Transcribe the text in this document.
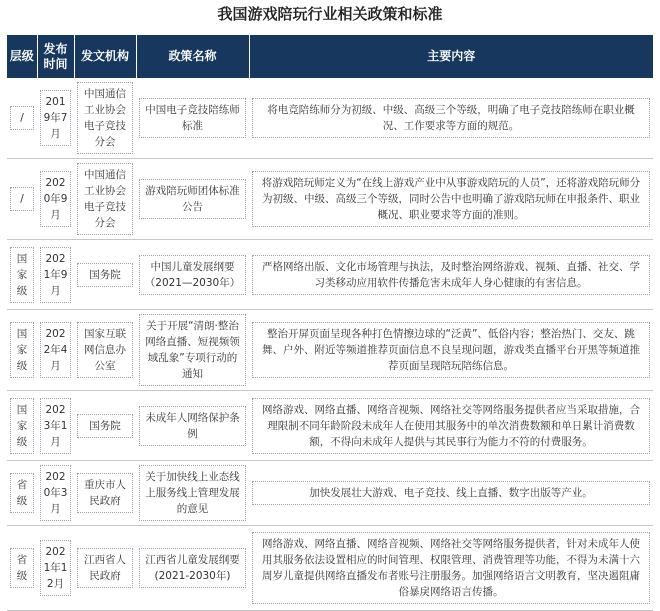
我国游戏陪玩行业相关政策和标准
层级	发布时间	发文机构	政策名称	主要内容

/	2019年7月	中国通信工业协会电子竞技分会	中国电子竞技陪练师标准	将电竞陪练师分为初级、中级、高级三个等级，明确了电子竞技陪练师在职业概况、工作要求等方面的规范。

/	2020年9月	中国通信工业协会电子竞技分会	游戏陪玩师团体标准公告	将游戏陪玩师定义为“在线上游戏产业中从事游戏陪玩的人员”，还将游戏陪玩师分为初级、中级、高级三个等级，同时公告中也明确了游戏陪玩师在申报条件、职业概况、职业要求等方面的准则。

国家级	2021年9月	国务院	中国儿童发展纲要（2021—2030年）	严格网络出版、文化市场管理与执法，及时整治网络游戏、视频、直播、社交、学习类移动应用软件传播危害未成年人身心健康的有害信息。

国家级	2022年4月	国家互联网信息办公室	关于开展“清朗·整治网络直播、短视频领域乱象”专项行动的通知	整治开屏页面呈现各种打色情擦边球的“泛黄”、低俗内容；整治热门、交友、跳舞、户外、附近等频道推荐页面信息不良呈现问题，游戏类直播平台开黑等频道推荐页面呈现陪玩陪练信息。

国家级	2023年1月	国务院	未成年人网络保护条例	网络游戏、网络直播、网络音视频、网络社交等网络服务提供者应当采取措施，合理限制不同年龄阶段未成年人在使用其服务中的单次消费数额和单日累计消费数额，不得向未成年人提供与其民事行为能力不符的付费服务。

省级	2020年3月	重庆市人民政府	关于加快线上业态线上服务线上管理发展的意见	加快发展壮大游戏、电子竞技、线上直播、数字出版等产业。

省级	2021年12月	江西省人民政府	江西省儿童发展纲要(2021-2030年)	网络游戏、网络直播、网络音视频、网络社交等网络服务提供者，针对未成年人使用其服务依法设置相应的时间管理、权限管理、消费管理等功能，不得为未满十六周岁儿童提供网络直播发布者账号注册服务。加强网络语言文明教育，坚决遏阻庸俗暴戾网络语言传播。
